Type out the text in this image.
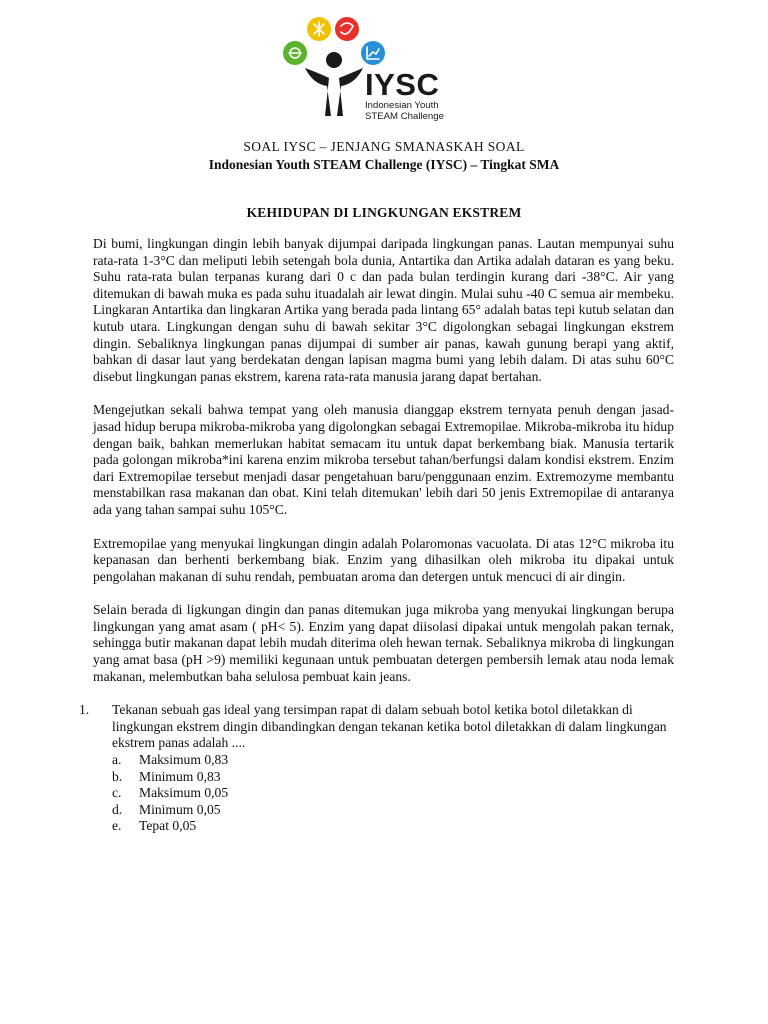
IYSC
Indonesian Youth
STEAM Challenge
SOAL IYSC – JENJANG SMANASKAH SOAL
Indonesian Youth STEAM Challenge (IYSC) – Tingkat SMA
KEHIDUPAN DI LINGKUNGAN EKSTREM

Di bumi, lingkungan dingin lebih banyak dijumpai daripada lingkungan panas. Lautan mempunyai suhu rata-rata 1-3°C dan meliputi lebih setengah bola dunia, Antartika dan Artika adalah dataran es yang beku. Suhu rata-rata bulan terpanas kurang dari 0 c dan pada bulan terdingin kurang dari -38°C. Air yang ditemukan di bawah muka es pada suhu ituadalah air lewat dingin. Mulai suhu -40 C semua air membeku. Lingkaran Antartika dan lingkaran Artika yang berada pada lintang 65° adalah batas tepi kutub selatan dan kutub utara. Lingkungan dengan suhu di bawah sekitar 3°C digolongkan sebagai lingkungan ekstrem dingin. Sebaliknya lingkungan panas dijumpai di sumber air panas, kawah gunung berapi yang aktif, bahkan di dasar laut yang berdekatan dengan lapisan magma bumi yang lebih dalam. Di atas suhu 60°C disebut lingkungan panas ekstrem, karena rata-rata manusia jarang dapat bertahan.

Mengejutkan sekali bahwa tempat yang oleh manusia dianggap ekstrem ternyata penuh dengan jasad-jasad hidup berupa mikroba-mikroba yang digolongkan sebagai Extremopilae. Mikroba-mikroba itu hidup dengan baik, bahkan memerlukan habitat semacam itu untuk dapat berkembang biak. Manusia tertarik pada golongan mikroba*ini karena enzim mikroba tersebut tahan/berfungsi dalam kondisi ekstrem. Enzim dari Extremopilae tersebut menjadi dasar pengetahuan baru/penggunaan enzim. Extremozyme membantu menstabilkan rasa makanan dan obat. Kini telah ditemukan' lebih dari 50 jenis Extremopilae di antaranya ada yang tahan sampai suhu 105°C.

Extremopilae yang menyukai lingkungan dingin adalah Polaromonas vacuolata. Di atas 12°C mikroba itu kepanasan dan berhenti berkembang biak. Enzim yang dihasilkan oleh mikroba itu dipakai untuk pengolahan makanan di suhu rendah, pembuatan aroma dan detergen untuk mencuci di air dingin.

Selain berada di ligkungan dingin dan panas ditemukan juga mikroba yang menyukai lingkungan berupa lingkungan yang amat asam ( pH< 5). Enzim yang dapat diisolasi dipakai untuk mengolah pakan ternak, sehingga butir makanan dapat lebih mudah diterima oleh hewan ternak. Sebaliknya mikroba di lingkungan yang amat basa (pH >9) memiliki kegunaan untuk pembuatan detergen pembersih lemak atau noda lemak makanan, melembutkan baha selulosa pembuat kain jeans.

1. Tekanan sebuah gas ideal yang tersimpan rapat di dalam sebuah botol ketika botol diletakkan di lingkungan ekstrem dingin dibandingkan dengan tekanan ketika botol diletakkan di dalam lingkungan ekstrem panas adalah ....
a. Maksimum 0,83
b. Minimum 0,83
c. Maksimum 0,05
d. Minimum 0,05
e. Tepat 0,05
